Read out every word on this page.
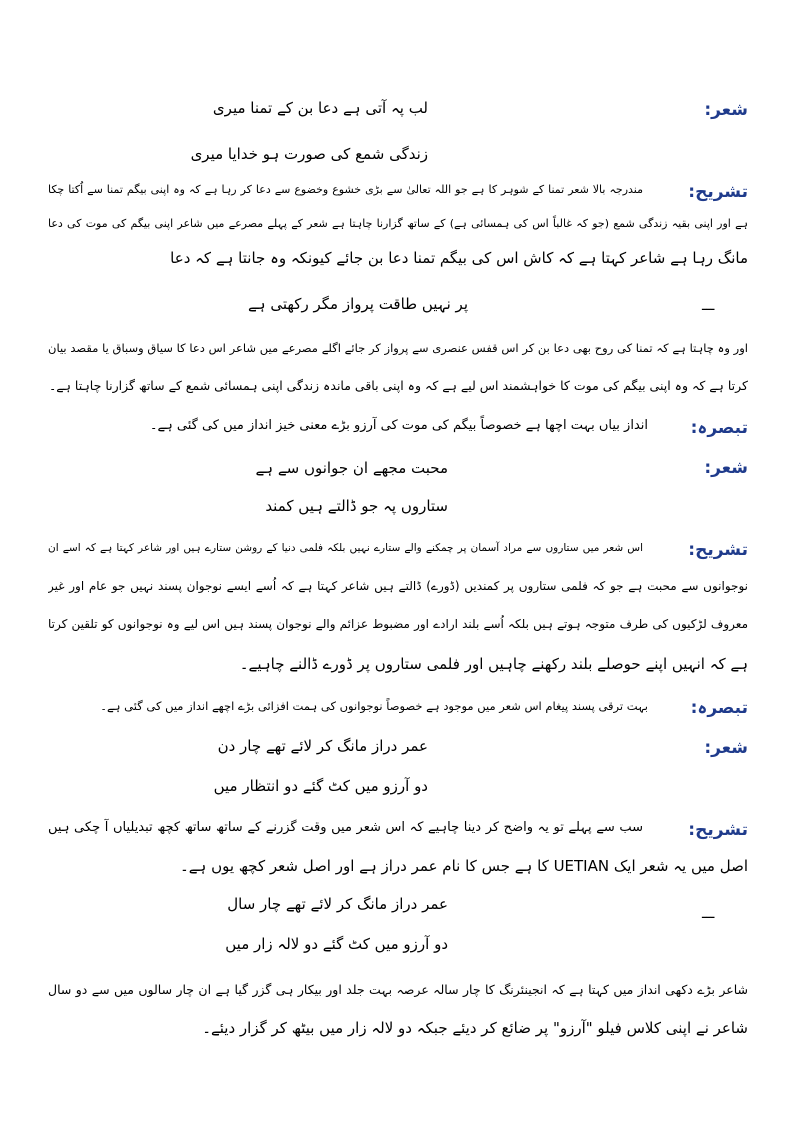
شعر:
لب پہ آتی ہے دعا بن کے تمنا میری
زندگی شمع کی صورت ہو خدایا میری
تشریح:
مندرجہ بالا شعر تمنا کے شوہر کا ہے جو اللہ تعالیٰ سے بڑی خشوع وخضوع سے دعا کر رہا ہے کہ وہ اپنی بیگم تمنا سے اُکتا چکا
ہے اور اپنی بقیہ زندگی شمع (جو کہ غالباً اس کی ہمسائی ہے) کے ساتھ گزارنا چاہتا ہے شعر کے پہلے مصرعے میں شاعر اپنی بیگم کی موت کی دعا
مانگ رہا ہے شاعر کہتا ہے کہ کاش اس کی بیگم تمنا دعا بن جائے کیونکہ وہ جانتا ہے کہ دعا
ـــ
پر نہیں طاقت پرواز مگر رکھتی ہے
اور وہ چاہتا ہے کہ تمنا کی روح بھی دعا بن کر اس قفس عنصری سے پرواز کر جائے اگلے مصرعے میں شاعر اس دعا کا سیاق وسباق یا مقصد بیان
کرتا ہے کہ وہ اپنی بیگم کی موت کا خواہشمند اس لیے ہے کہ وہ اپنی باقی ماندہ زندگی اپنی ہمسائی شمع کے ساتھ گزارنا چاہتا ہے۔
تبصرہ:
انداز بیاں بہت اچھا ہے خصوصاً بیگم کی موت کی آرزو بڑے معنی خیز انداز میں کی گئی ہے۔
شعر:
محبت مجھے ان جوانوں سے ہے
ستاروں پہ جو ڈالتے ہیں کمند
تشریح:
اس شعر میں ستاروں سے مراد آسمان پر چمکنے والے ستارے نہیں بلکہ فلمی دنیا کے روشن ستارے ہیں اور شاعر کہتا ہے کہ اسے ان
نوجوانوں سے محبت ہے جو کہ فلمی ستاروں پر کمندیں (ڈورے) ڈالتے ہیں شاعر کہتا ہے کہ اُسے ایسے نوجوان پسند نہیں جو عام اور غیر
معروف لڑکیوں کی طرف متوجہ ہوتے ہیں بلکہ اُسے بلند ارادے اور مضبوط عزائم والے نوجوان پسند ہیں اس لیے وہ نوجوانوں کو تلقین کرتا
ہے کہ انہیں اپنے حوصلے بلند رکھنے چاہیں اور فلمی ستاروں پر ڈورے ڈالنے چاہیے۔
تبصرہ:
بہت ترقی پسند پیغام اس شعر میں موجود ہے خصوصاً نوجوانوں کی ہمت افزائی بڑے اچھے انداز میں کی گئی ہے۔
شعر:
عمر دراز مانگ کر لائے تھے چار دن
دو آرزو میں کٹ گئے دو انتظار میں
تشریح:
سب سے پہلے تو یہ واضح کر دینا چاہیے کہ اس شعر میں وقت گزرنے کے ساتھ ساتھ کچھ تبدیلیاں آ چکی ہیں
اصل میں یہ شعر ایک UETIAN کا ہے جس کا نام عمر دراز ہے اور اصل شعر کچھ یوں ہے۔
ـــ
عمر دراز مانگ کر لائے تھے چار سال
دو آرزو میں کٹ گئے دو لالہ زار میں
شاعر بڑے دکھی انداز میں کہتا ہے کہ انجینئرنگ کا چار سالہ عرصہ بہت جلد اور بیکار ہی گزر گیا ہے ان چار سالوں میں سے دو سال
شاعر نے اپنی کلاس فیلو "آرزو" پر ضائع کر دیئے جبکہ دو لالہ زار میں بیٹھ کر گزار دیئے۔
